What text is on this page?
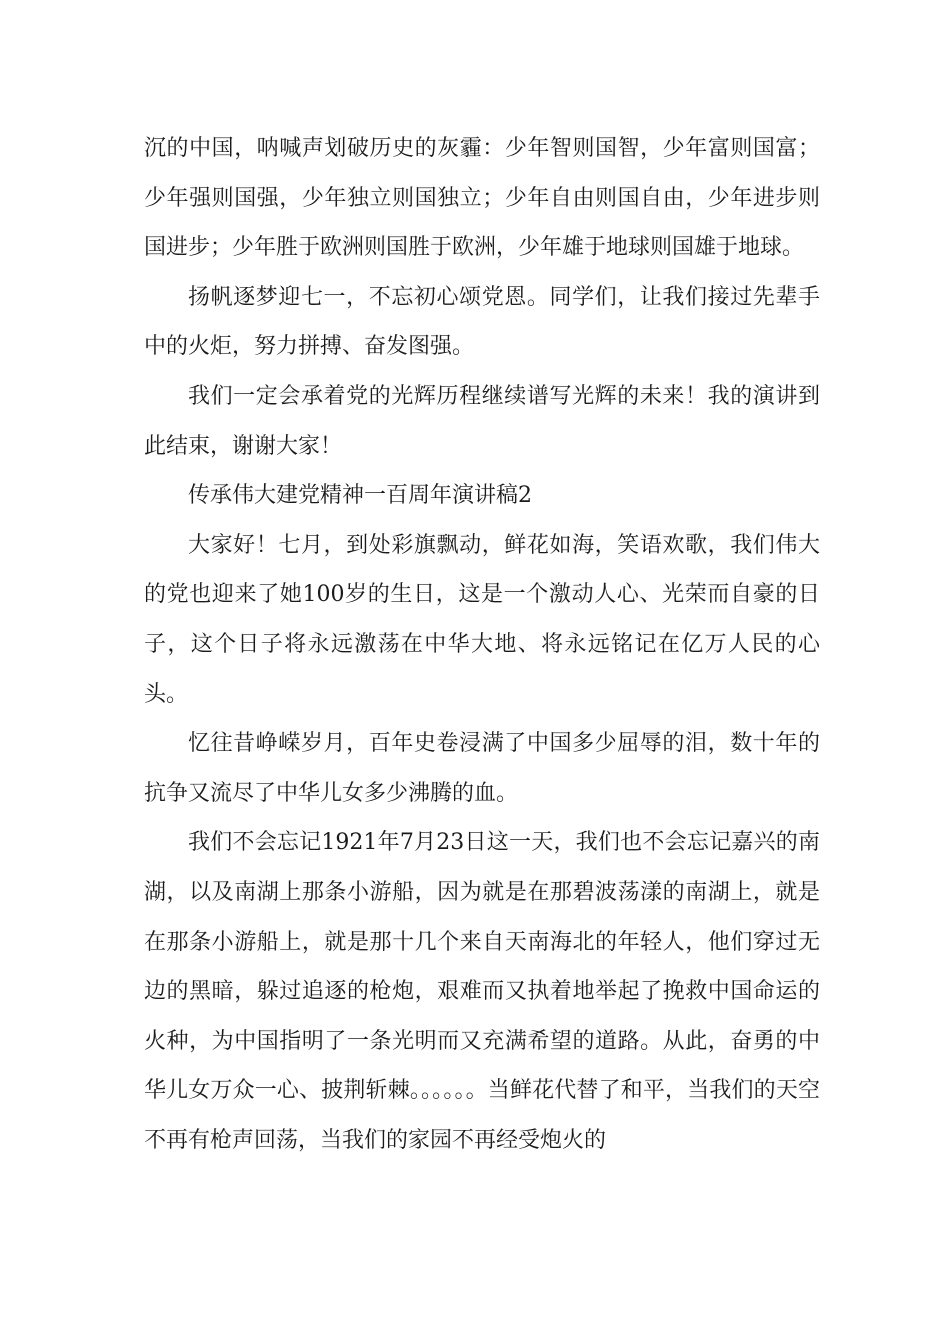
沉的中国，呐喊声划破历史的灰霾：少年智则国智，少年富则国富；少年强则国强，少年独立则国独立；少年自由则国自由，少年进步则国进步；少年胜于欧洲则国胜于欧洲，少年雄于地球则国雄于地球。

扬帆逐梦迎七一，不忘初心颂党恩。同学们，让我们接过先辈手中的火炬，努力拼搏、奋发图强。

我们一定会承着党的光辉历程继续谱写光辉的未来！我的演讲到此结束，谢谢大家！

传承伟大建党精神一百周年演讲稿2

大家好！七月，到处彩旗飘动，鲜花如海，笑语欢歌，我们伟大的党也迎来了她100岁的生日，这是一个激动人心、光荣而自豪的日子，这个日子将永远激荡在中华大地、将永远铭记在亿万人民的心头。

忆往昔峥嵘岁月，百年史卷浸满了中国多少屈辱的泪，数十年的抗争又流尽了中华儿女多少沸腾的血。

我们不会忘记1921年7月23日这一天，我们也不会忘记嘉兴的南湖，以及南湖上那条小游船，因为就是在那碧波荡漾的南湖上，就是在那条小游船上，就是那十几个来自天南海北的年轻人，他们穿过无边的黑暗，躲过追逐的枪炮，艰难而又执着地举起了挽救中国命运的火种，为中国指明了一条光明而又充满希望的道路。从此，奋勇的中华儿女万众一心、披荆斩棘。。。。。。当鲜花代替了和平，当我们的天空不再有枪声回荡，当我们的家园不再经受炮火的
